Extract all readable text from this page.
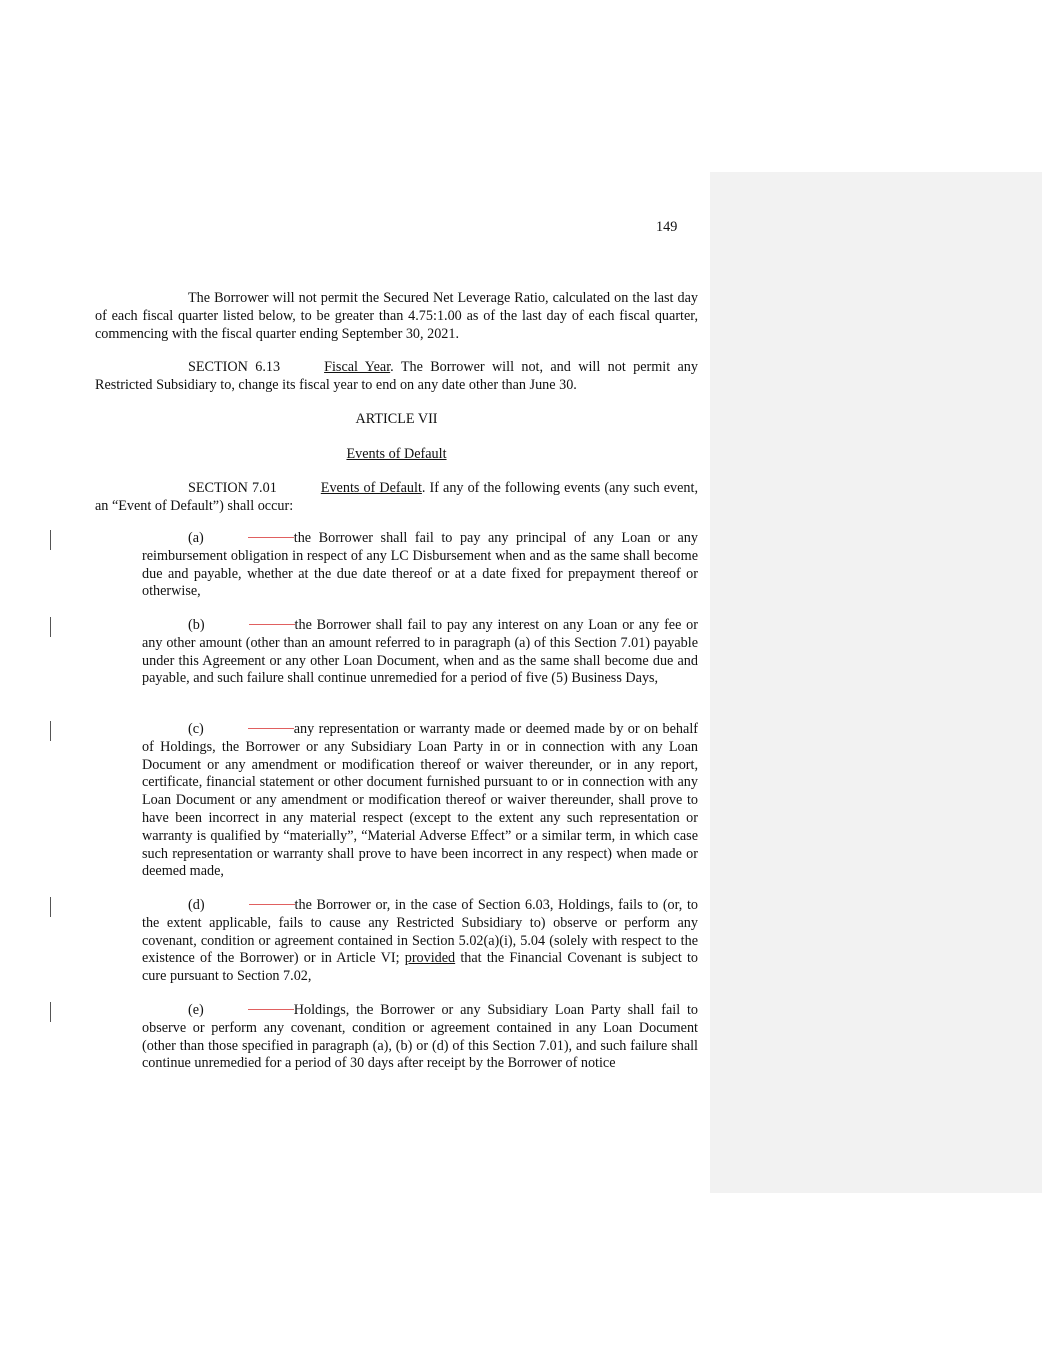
149

The Borrower will not permit the Secured Net Leverage Ratio, calculated on the last day of each fiscal quarter listed below, to be greater than 4.75:1.00 as of the last day of each fiscal quarter, commencing with the fiscal quarter ending September 30, 2021.

SECTION 6.13	Fiscal Year. The Borrower will not, and will not permit any Restricted Subsidiary to, change its fiscal year to end on any date other than June 30.

ARTICLE VII
Events of Default

SECTION 7.01	Events of Default. If any of the following events (any such event, an “Event of Default”) shall occur:

(a)	the Borrower shall fail to pay any principal of any Loan or any reimbursement obligation in respect of any LC Disbursement when and as the same shall become due and payable, whether at the due date thereof or at a date fixed for prepayment thereof or otherwise,

(b)	the Borrower shall fail to pay any interest on any Loan or any fee or any other amount (other than an amount referred to in paragraph (a) of this Section 7.01) payable under this Agreement or any other Loan Document, when and as the same shall become due and payable, and such failure shall continue unremedied for a period of five (5) Business Days,

(c)	any representation or warranty made or deemed made by or on behalf of Holdings, the Borrower or any Subsidiary Loan Party in or in connection with any Loan Document or any amendment or modification thereof or waiver thereunder, or in any report, certificate, financial statement or other document furnished pursuant to or in connection with any Loan Document or any amendment or modification thereof or waiver thereunder, shall prove to have been incorrect in any material respect (except to the extent any such representation or warranty is qualified by “materially”, “Material Adverse Effect” or a similar term, in which case such representation or warranty shall prove to have been incorrect in any respect) when made or deemed made,

(d)	the Borrower or, in the case of Section 6.03, Holdings, fails to (or, to the extent applicable, fails to cause any Restricted Subsidiary to) observe or perform any covenant, condition or agreement contained in Section 5.02(a)(i), 5.04 (solely with respect to the existence of the Borrower) or in Article VI; provided that the Financial Covenant is subject to cure pursuant to Section 7.02,

(e)	Holdings, the Borrower or any Subsidiary Loan Party shall fail to observe or perform any covenant, condition or agreement contained in any Loan Document (other than those specified in paragraph (a), (b) or (d) of this Section 7.01), and such failure shall continue unremedied for a period of 30 days after receipt by the Borrower of notice
